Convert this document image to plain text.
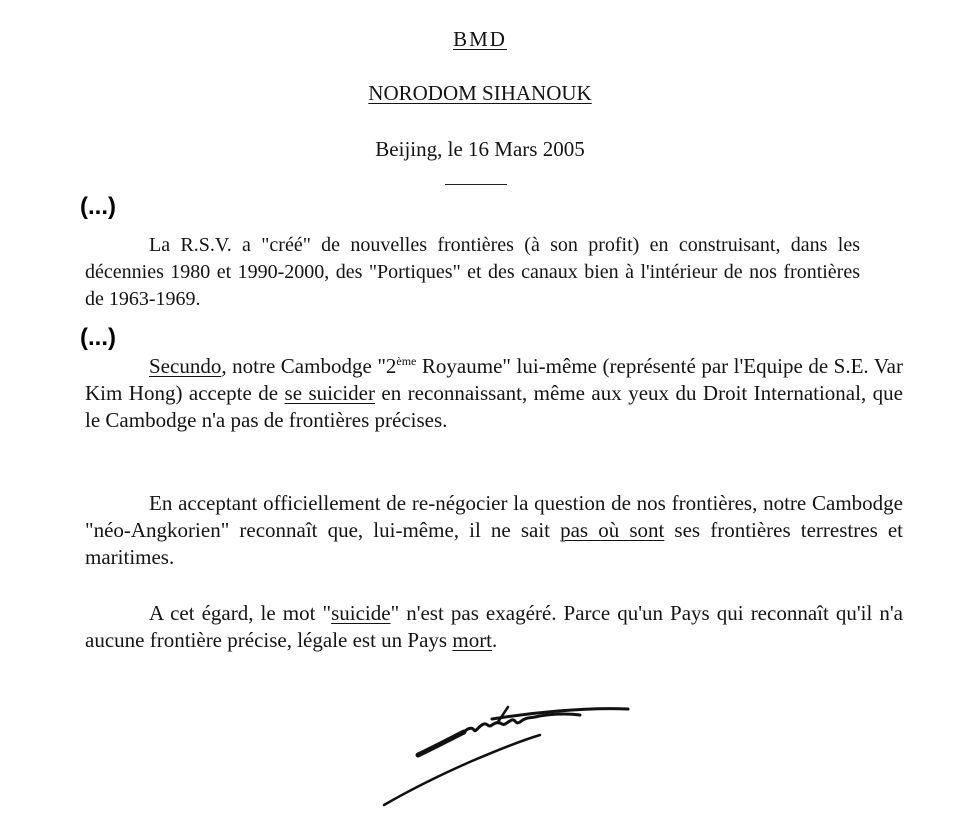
BMD
NORODOM SIHANOUK
Beijing, le 16 Mars 2005
(...)
La R.S.V. a "créé" de nouvelles frontières (à son profit) en construisant, dans les décennies 1980 et 1990-2000, des "Portiques" et des canaux bien à l'intérieur de nos frontières de 1963-1969.
(...)
Secundo, notre Cambodge "2ème Royaume" lui-même (représenté par l'Equipe de S.E. Var Kim Hong) accepte de se suicider en reconnaissant, même aux yeux du Droit International, que le Cambodge n'a pas de frontières précises.
En acceptant officiellement de re-négocier la question de nos frontières, notre Cambodge "néo-Angkorien" reconnaît que, lui-même, il ne sait pas où sont ses frontières terrestres et maritimes.
A cet égard, le mot "suicide" n'est pas exagéré. Parce qu'un Pays qui reconnaît qu'il n'a aucune frontière précise, légale est un Pays mort.
